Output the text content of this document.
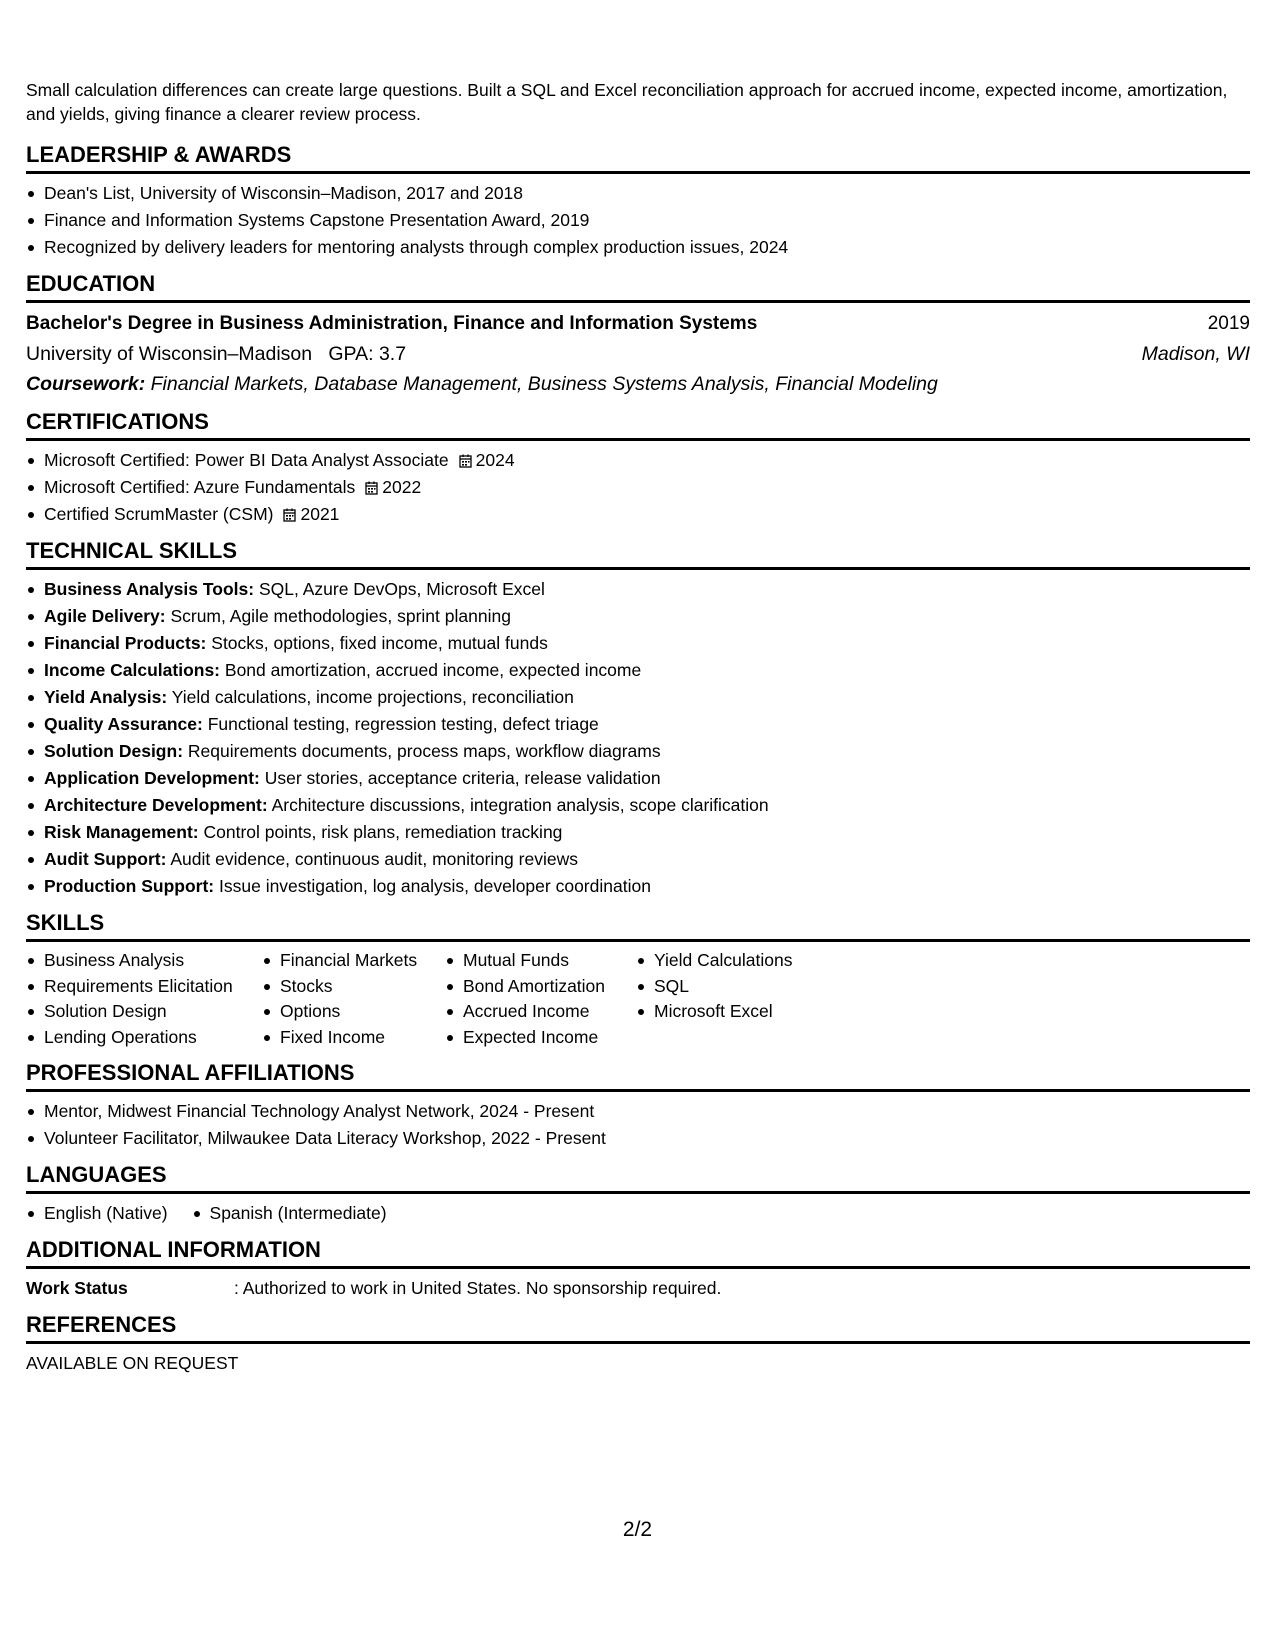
Small calculation differences can create large questions. Built a SQL and Excel reconciliation approach for accrued income, expected income, amortization, and yields, giving finance a clearer review process.

LEADERSHIP & AWARDS
Dean's List, University of Wisconsin–Madison, 2017 and 2018
Finance and Information Systems Capstone Presentation Award, 2019
Recognized by delivery leaders for mentoring analysts through complex production issues, 2024
EDUCATION
Bachelor's Degree in Business Administration, Finance and Information Systems	2019
University of Wisconsin–Madison GPA: 3.7	Madison, WI
Coursework: Financial Markets, Database Management, Business Systems Analysis, Financial Modeling
CERTIFICATIONS
Microsoft Certified: Power BI Data Analyst Associate 2024
Microsoft Certified: Azure Fundamentals 2022
Certified ScrumMaster (CSM) 2021
TECHNICAL SKILLS
Business Analysis Tools: SQL, Azure DevOps, Microsoft Excel
Agile Delivery: Scrum, Agile methodologies, sprint planning
Financial Products: Stocks, options, fixed income, mutual funds
Income Calculations: Bond amortization, accrued income, expected income
Yield Analysis: Yield calculations, income projections, reconciliation
Quality Assurance: Functional testing, regression testing, defect triage
Solution Design: Requirements documents, process maps, workflow diagrams
Application Development: User stories, acceptance criteria, release validation
Architecture Development: Architecture discussions, integration analysis, scope clarification
Risk Management: Control points, risk plans, remediation tracking
Audit Support: Audit evidence, continuous audit, monitoring reviews
Production Support: Issue investigation, log analysis, developer coordination
SKILLS
Business Analysis
Requirements Elicitation
Solution Design
Lending Operations
Financial Markets
Stocks
Options
Fixed Income
Mutual Funds
Bond Amortization
Accrued Income
Expected Income
Yield Calculations
SQL
Microsoft Excel
PROFESSIONAL AFFILIATIONS
Mentor, Midwest Financial Technology Analyst Network, 2024 - Present
Volunteer Facilitator, Milwaukee Data Literacy Workshop, 2022 - Present
LANGUAGES
English (Native)	Spanish (Intermediate)
ADDITIONAL INFORMATION
Work Status	: Authorized to work in United States. No sponsorship required.
REFERENCES
AVAILABLE ON REQUEST
2/2
